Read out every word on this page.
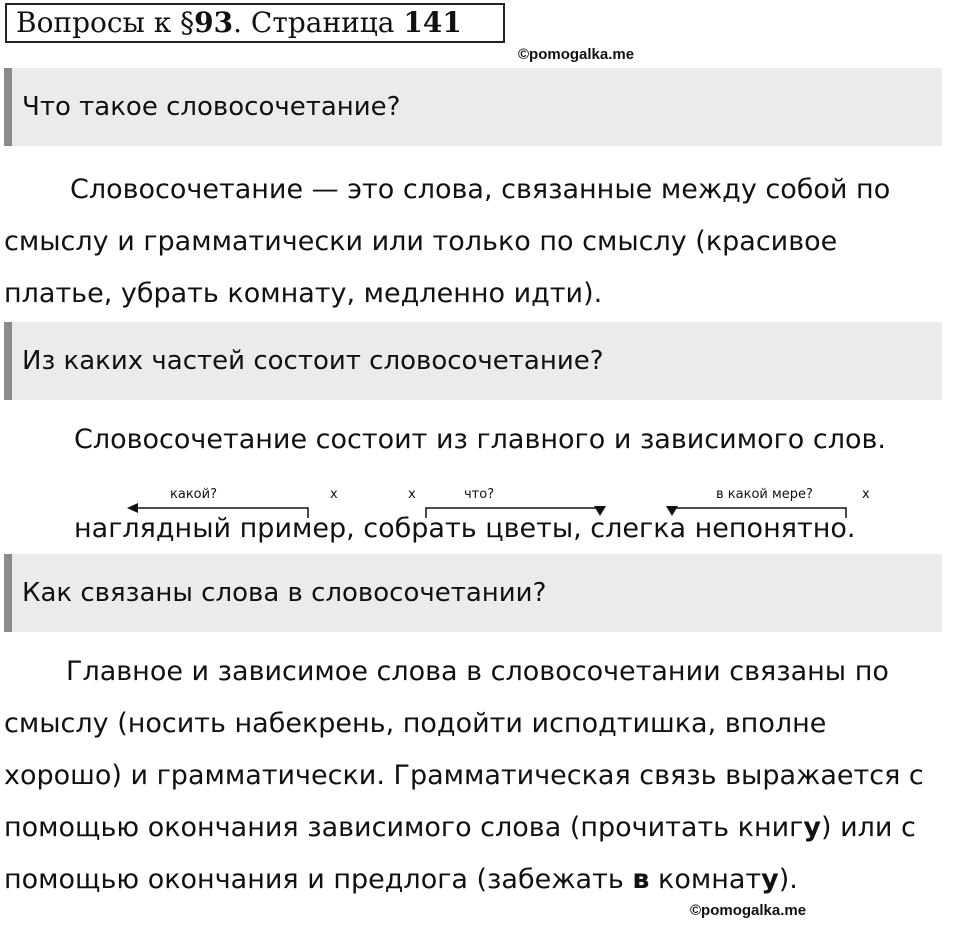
Вопросы к §93. Страница 141
©pomogalka.me
Что такое словосочетание?

Словосочетание — это слова, связанные между собой по смыслу и грамматически или только по смыслу (красивое платье, убрать комнату, медленно идти).

Из каких частей состоит словосочетание?

Словосочетание состоит из главного и зависимого слов.

какой?	х	х	что?	в какой мере?	х
наглядный пример, собрать цветы, слегка непонятно.
Как связаны слова в словосочетании?

Главное и зависимое слова в словосочетании связаны по смыслу (носить набекрень, подойти исподтишка, вполне хорошо) и грамматически. Грамматическая связь выражается с помощью окончания зависимого слова (прочитать книгу) или с помощью окончания и предлога (забежать в комнату).

©pomogalka.me
